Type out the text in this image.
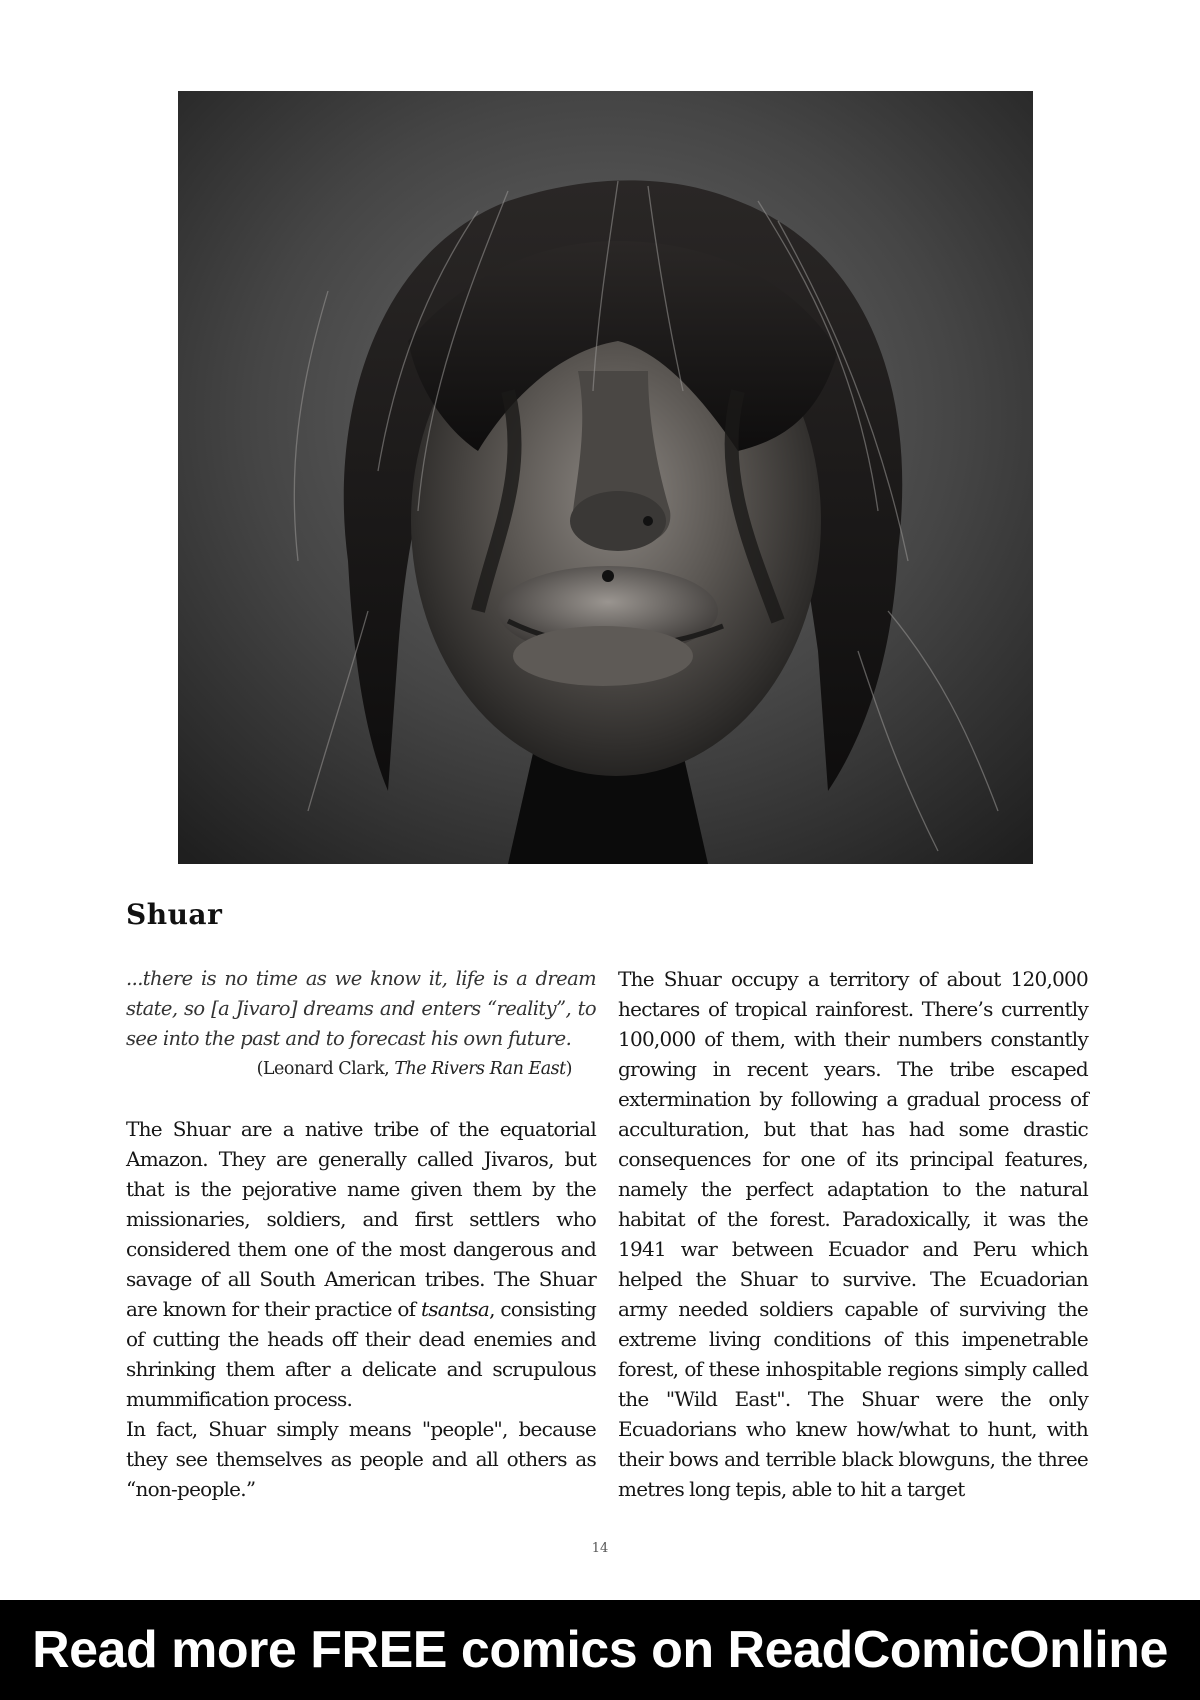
Shuar

...there is no time as we know it, life is a dream state, so [a Jivaro] dreams and enters “reality”, to see into the past and to forecast his own future.

(Leonard Clark, The Rivers Ran East)

The Shuar are a native tribe of the equatorial Amazon. They are generally called Jivaros, but that is the pejorative name given them by the missionaries, soldiers, and first settlers who considered them one of the most dangerous and savage of all South American tribes. The Shuar are known for their practice of tsantsa, consisting of cutting the heads off their dead enemies and shrinking them after a delicate and scrupulous mummification process.

In fact, Shuar simply means "people", because they see themselves as people and all others as “non-people.”

The Shuar occupy a territory of about 120,000 hectares of tropical rainforest. There’s currently 100,000 of them, with their numbers constantly growing in recent years. The tribe escaped extermination by following a gradual process of acculturation, but that has had some drastic consequences for one of its principal features, namely the perfect adaptation to the natural habitat of the forest. Paradoxically, it was the 1941 war between Ecuador and Peru which helped the Shuar to survive. The Ecuadorian army needed soldiers capable of surviving the extreme living conditions of this impenetrable forest, of these inhospitable regions simply called the "Wild East". The Shuar were the only Ecuadorians who knew how/what to hunt, with their bows and terrible black blowguns, the three metres long tepis, able to hit a target

14
Read more FREE comics on ReadComicOnline
